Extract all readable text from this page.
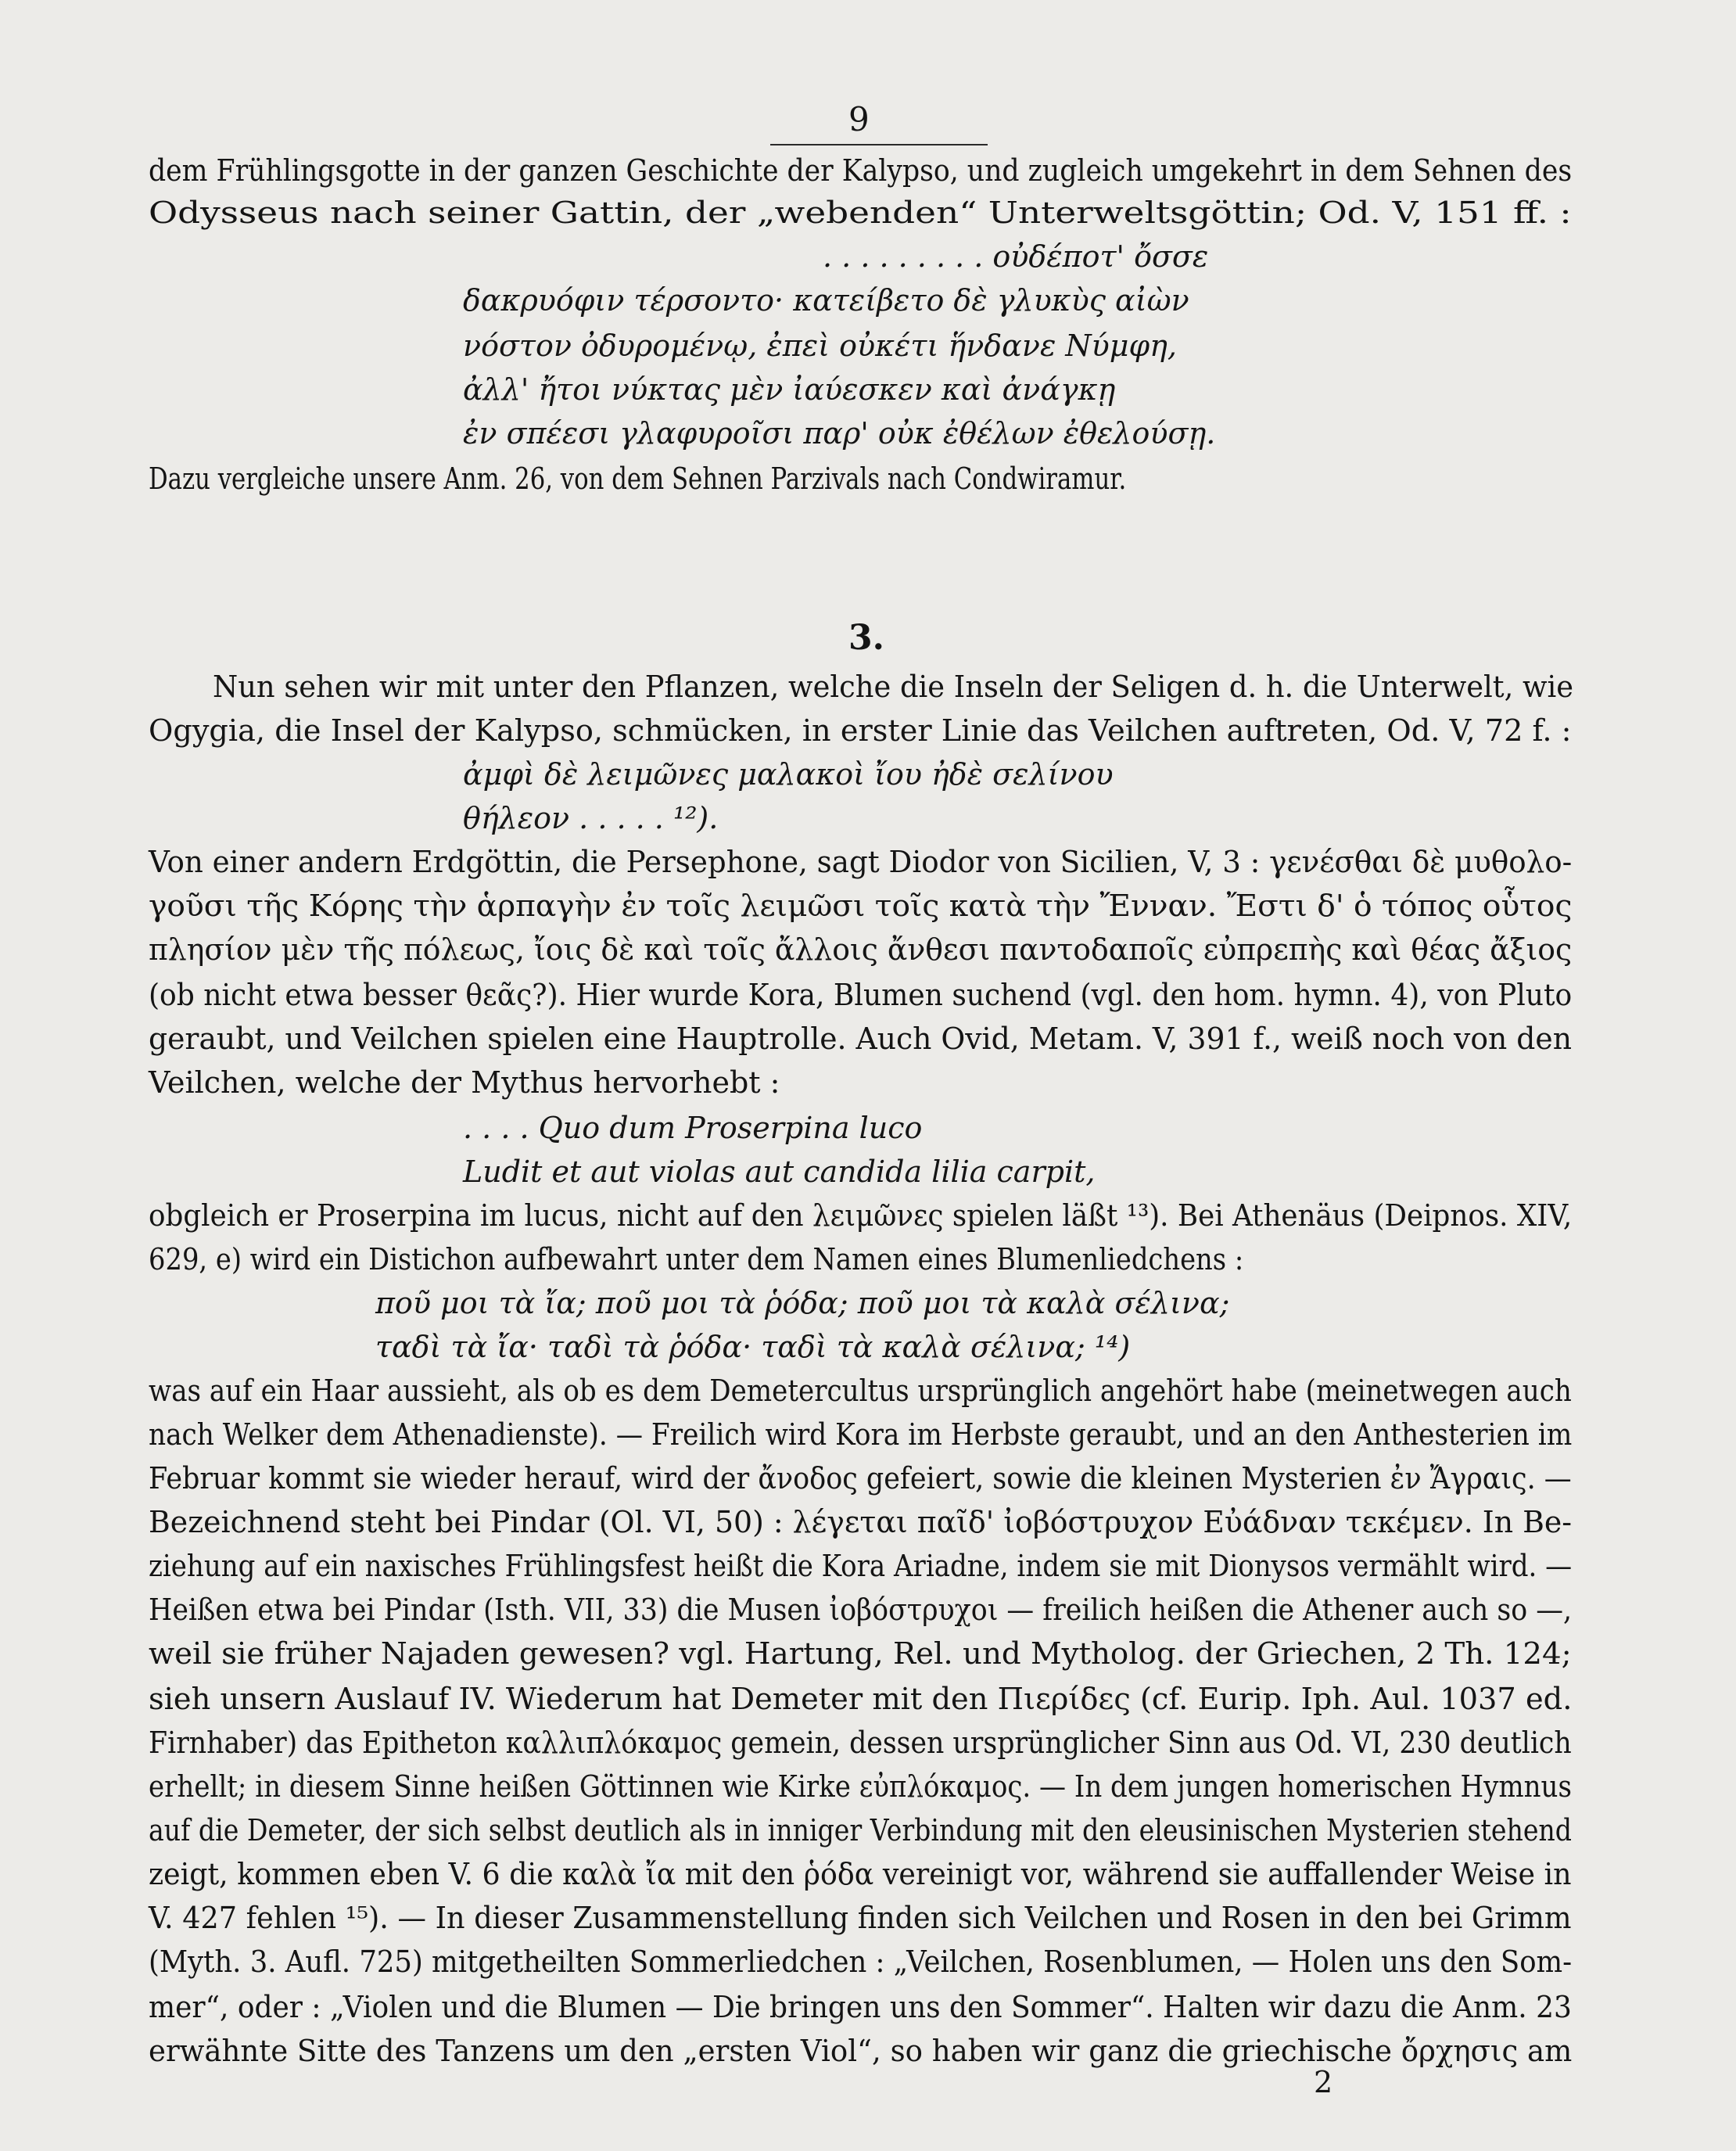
9
3.
dem Frühlingsgotte in der ganzen Geschichte der Kalypso, und zugleich umgekehrt in dem Sehnen des
Odysseus nach seiner Gattin, der „webenden“ Unterweltsgöttin; Od. V, 151 ff. :
. . . . . . . . . οὐδέποτ' ὄσσε
δακρυόφιν τέρσοντο· κατείβετο δὲ γλυκὺς αἰὼν
νόστον ὀδυρομένῳ, ἐπεὶ οὐκέτι ἥνδανε Νύμφη,
ἀλλ' ἤτοι νύκτας μὲν ἰαύεσκεν καὶ ἀνάγκῃ
ἐν σπέεσι γλαφυροῖσι παρ' οὐκ ἐθέλων ἐθελούσῃ.
Dazu vergleiche unsere Anm. 26, von dem Sehnen Parzivals nach Condwiramur.
Nun sehen wir mit unter den Pflanzen, welche die Inseln der Seligen d. h. die Unterwelt, wie
Ogygia, die Insel der Kalypso, schmücken, in erster Linie das Veilchen auftreten, Od. V, 72 f. :
ἀμφὶ δὲ λειμῶνες μαλακοὶ ἴου ἠδὲ σελίνου
θήλεον . . . . . ¹²).
Von einer andern Erdgöttin, die Persephone, sagt Diodor von Sicilien, V, 3 : γενέσθαι δὲ μυθολο-
γοῦσι τῆς Κόρης τὴν ἁρπαγὴν ἐν τοῖς λειμῶσι τοῖς κατὰ τὴν Ἔνναν. Ἔστι δ' ὁ τόπος οὗτος
πλησίον μὲν τῆς πόλεως, ἴοις δὲ καὶ τοῖς ἄλλοις ἄνθεσι παντοδαποῖς εὐπρεπὴς καὶ θέας ἄξιος
(ob nicht etwa besser θεᾶς?). Hier wurde Kora, Blumen suchend (vgl. den hom. hymn. 4), von Pluto
geraubt, und Veilchen spielen eine Hauptrolle. Auch Ovid, Metam. V, 391 f., weiß noch von den
Veilchen, welche der Mythus hervorhebt :
. . . . Quo dum Proserpina luco
Ludit et aut violas aut candida lilia carpit,
obgleich er Proserpina im lucus, nicht auf den λειμῶνες spielen läßt ¹³). Bei Athenäus (Deipnos. XIV,
629, e) wird ein Distichon aufbewahrt unter dem Namen eines Blumenliedchens :
ποῦ μοι τὰ ἴα; ποῦ μοι τὰ ῥόδα; ποῦ μοι τὰ καλὰ σέλινα;
ταδὶ τὰ ἴα· ταδὶ τὰ ῥόδα· ταδὶ τὰ καλὰ σέλινα; ¹⁴)
was auf ein Haar aussieht, als ob es dem Demetercultus ursprünglich angehört habe (meinetwegen auch
nach Welker dem Athenadienste). — Freilich wird Kora im Herbste geraubt, und an den Anthesterien im
Februar kommt sie wieder herauf, wird der ἄνοδος gefeiert, sowie die kleinen Mysterien ἐν Ἄγραις. —
Bezeichnend steht bei Pindar (Ol. VI, 50) : λέγεται παῖδ' ἰοβόστρυχον Εὐάδναν τεκέμεν. In Be-
ziehung auf ein naxisches Frühlingsfest heißt die Kora Ariadne, indem sie mit Dionysos vermählt wird. —
Heißen etwa bei Pindar (Isth. VII, 33) die Musen ἰοβόστρυχοι — freilich heißen die Athener auch so —,
weil sie früher Najaden gewesen? vgl. Hartung, Rel. und Mytholog. der Griechen, 2 Th. 124;
sieh unsern Auslauf IV. Wiederum hat Demeter mit den Πιερίδες (cf. Eurip. Iph. Aul. 1037 ed.
Firnhaber) das Epitheton καλλιπλόκαμος gemein, dessen ursprünglicher Sinn aus Od. VI, 230 deutlich
erhellt; in diesem Sinne heißen Göttinnen wie Kirke εὐπλόκαμος. — In dem jungen homerischen Hymnus
auf die Demeter, der sich selbst deutlich als in inniger Verbindung mit den eleusinischen Mysterien stehend
zeigt, kommen eben V. 6 die καλὰ ἴα mit den ῥόδα vereinigt vor, während sie auffallender Weise in
V. 427 fehlen ¹⁵). — In dieser Zusammenstellung finden sich Veilchen und Rosen in den bei Grimm
(Myth. 3. Aufl. 725) mitgetheilten Sommerliedchen : „Veilchen, Rosenblumen, — Holen uns den Som-
mer“, oder : „Violen und die Blumen — Die bringen uns den Sommer“. Halten wir dazu die Anm. 23
erwähnte Sitte des Tanzens um den „ersten Viol“, so haben wir ganz die griechische ὄρχησις am
2
